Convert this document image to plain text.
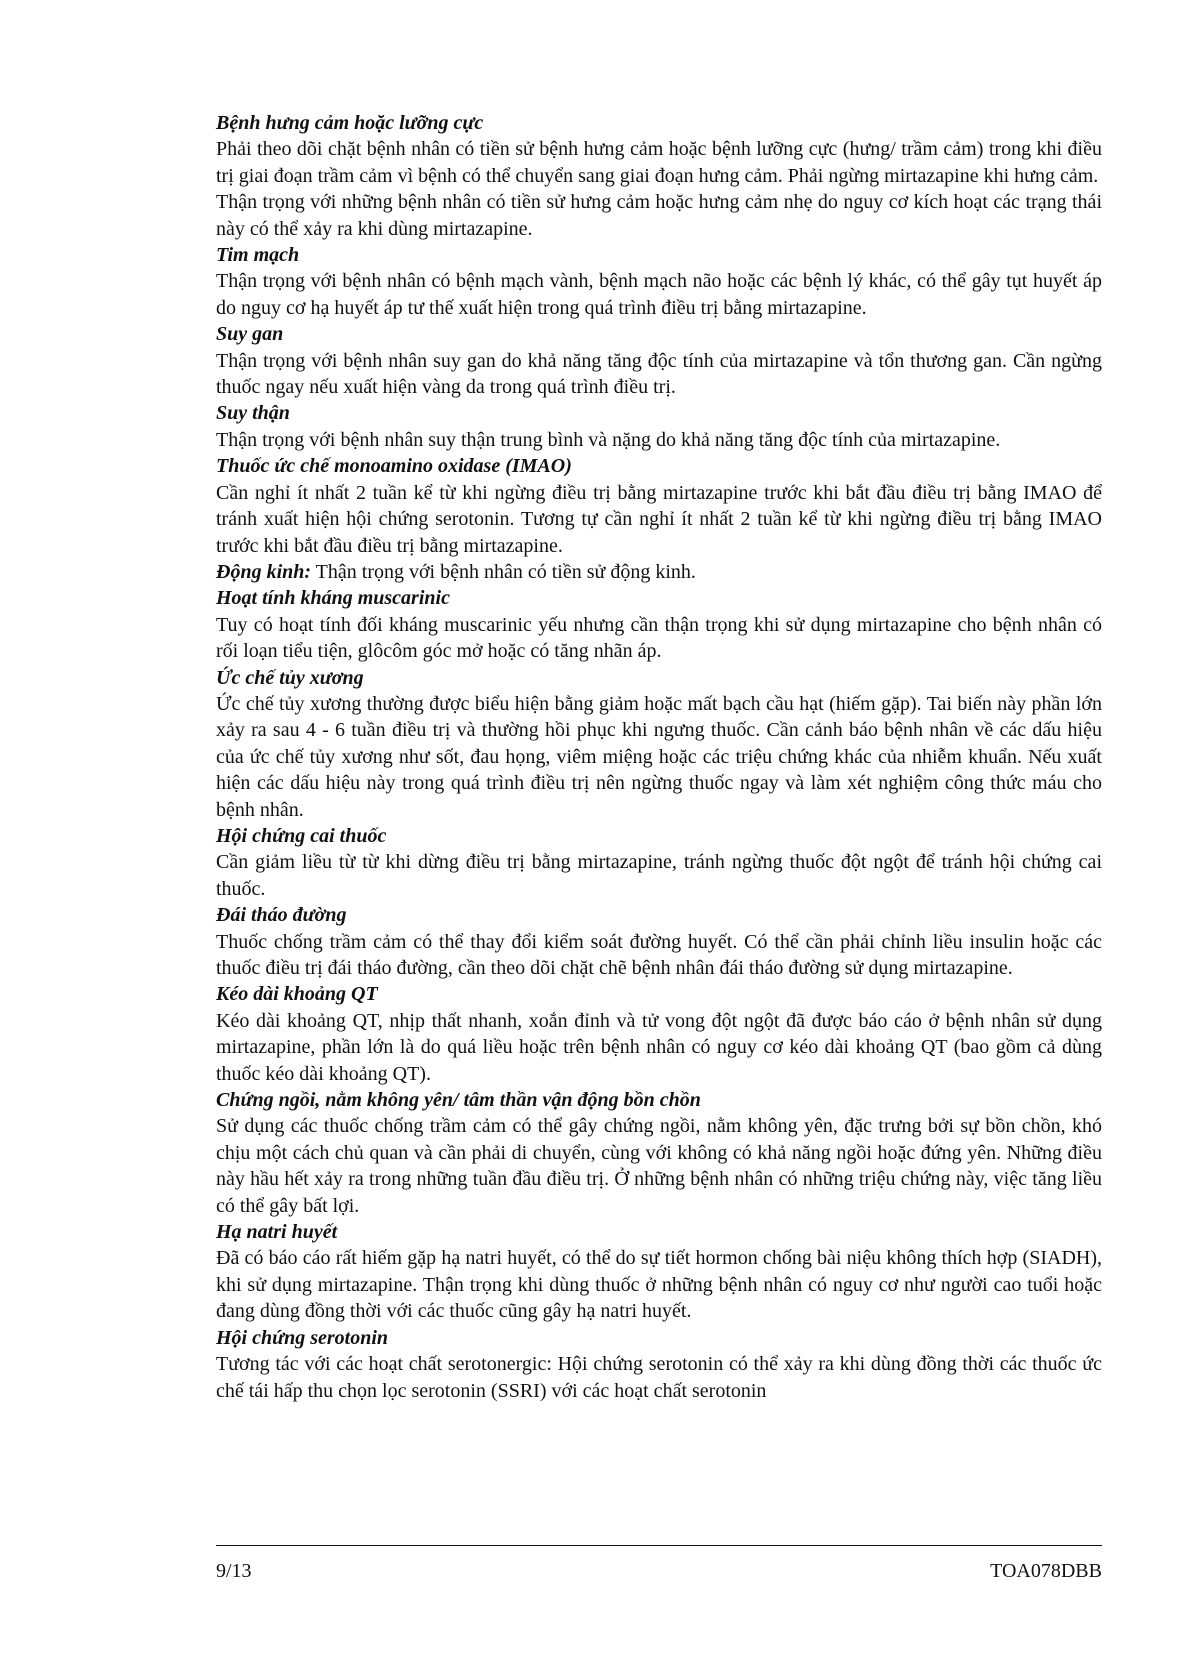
Bệnh hưng cảm hoặc lưỡng cực

Phải theo dõi chặt bệnh nhân có tiền sử bệnh hưng cảm hoặc bệnh lưỡng cực (hưng/ trầm cảm) trong khi điều trị giai đoạn trầm cảm vì bệnh có thể chuyển sang giai đoạn hưng cảm. Phải ngừng mirtazapine khi hưng cảm.

Thận trọng với những bệnh nhân có tiền sử hưng cảm hoặc hưng cảm nhẹ do nguy cơ kích hoạt các trạng thái này có thể xảy ra khi dùng mirtazapine.

Tim mạch

Thận trọng với bệnh nhân có bệnh mạch vành, bệnh mạch não hoặc các bệnh lý khác, có thể gây tụt huyết áp do nguy cơ hạ huyết áp tư thế xuất hiện trong quá trình điều trị bằng mirtazapine.

Suy gan

Thận trọng với bệnh nhân suy gan do khả năng tăng độc tính của mirtazapine và tổn thương gan. Cần ngừng thuốc ngay nếu xuất hiện vàng da trong quá trình điều trị.

Suy thận

Thận trọng với bệnh nhân suy thận trung bình và nặng do khả năng tăng độc tính của mirtazapine.

Thuốc ức chế monoamino oxidase (IMAO)

Cần nghỉ ít nhất 2 tuần kể từ khi ngừng điều trị bằng mirtazapine trước khi bắt đầu điều trị bằng IMAO để tránh xuất hiện hội chứng serotonin. Tương tự cần nghỉ ít nhất 2 tuần kể từ khi ngừng điều trị bằng IMAO trước khi bắt đầu điều trị bằng mirtazapine.

Động kinh: Thận trọng với bệnh nhân có tiền sử động kinh.

Hoạt tính kháng muscarinic

Tuy có hoạt tính đối kháng muscarinic yếu nhưng cần thận trọng khi sử dụng mirtazapine cho bệnh nhân có rối loạn tiểu tiện, glôcôm góc mở hoặc có tăng nhãn áp.

Ức chế tủy xương

Ức chế tủy xương thường được biểu hiện bằng giảm hoặc mất bạch cầu hạt (hiếm gặp). Tai biến này phần lớn xảy ra sau 4 - 6 tuần điều trị và thường hồi phục khi ngưng thuốc. Cần cảnh báo bệnh nhân về các dấu hiệu của ức chế tủy xương như sốt, đau họng, viêm miệng hoặc các triệu chứng khác của nhiễm khuẩn. Nếu xuất hiện các dấu hiệu này trong quá trình điều trị nên ngừng thuốc ngay và làm xét nghiệm công thức máu cho bệnh nhân.

Hội chứng cai thuốc

Cần giảm liều từ từ khi dừng điều trị bằng mirtazapine, tránh ngừng thuốc đột ngột để tránh hội chứng cai thuốc.

Đái tháo đường

Thuốc chống trầm cảm có thể thay đổi kiểm soát đường huyết. Có thể cần phải chỉnh liều insulin hoặc các thuốc điều trị đái tháo đường, cần theo dõi chặt chẽ bệnh nhân đái tháo đường sử dụng mirtazapine.

Kéo dài khoảng QT

Kéo dài khoảng QT, nhịp thất nhanh, xoắn đỉnh và tử vong đột ngột đã được báo cáo ở bệnh nhân sử dụng mirtazapine, phần lớn là do quá liều hoặc trên bệnh nhân có nguy cơ kéo dài khoảng QT (bao gồm cả dùng thuốc kéo dài khoảng QT).

Chứng ngồi, nằm không yên/ tâm thần vận động bồn chồn

Sử dụng các thuốc chống trầm cảm có thể gây chứng ngồi, nằm không yên, đặc trưng bởi sự bồn chồn, khó chịu một cách chủ quan và cần phải di chuyển, cùng với không có khả năng ngồi hoặc đứng yên. Những điều này hầu hết xảy ra trong những tuần đầu điều trị. Ở những bệnh nhân có những triệu chứng này, việc tăng liều có thể gây bất lợi.

Hạ natri huyết

Đã có báo cáo rất hiếm gặp hạ natri huyết, có thể do sự tiết hormon chống bài niệu không thích hợp (SIADH), khi sử dụng mirtazapine. Thận trọng khi dùng thuốc ở những bệnh nhân có nguy cơ như người cao tuổi hoặc đang dùng đồng thời với các thuốc cũng gây hạ natri huyết.

Hội chứng serotonin

Tương tác với các hoạt chất serotonergic: Hội chứng serotonin có thể xảy ra khi dùng đồng thời các thuốc ức chế tái hấp thu chọn lọc serotonin (SSRI) với các hoạt chất serotonin

9/13	TOA078DBB
